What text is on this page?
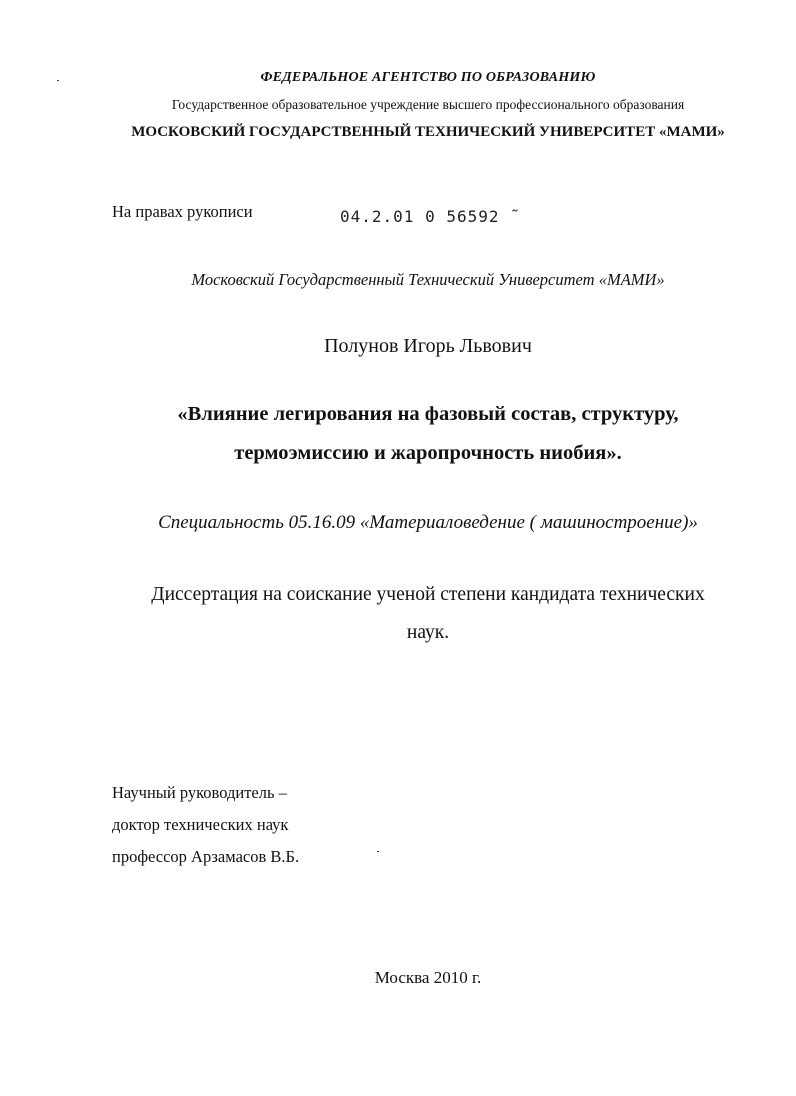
ФЕДЕРАЛЬНОЕ АГЕНТСТВО ПО ОБРАЗОВАНИЮ
Государственное образовательное учреждение высшего профессионального образования
МОСКОВСКИЙ ГОСУДАРСТВЕННЫЙ ТЕХНИЧЕСКИЙ УНИВЕРСИТЕТ «МАМИ»
На правах рукописи	04.2.01 0 56592 ˜
Московский Государственный Технический Университет «МАМИ»
Полунов Игорь Львович
«Влияние легирования на фазовый состав, структуру,
термоэмиссию и жаропрочность ниобия».
Специальность 05.16.09 «Материаловедение ( машиностроение)»
Диссертация на соискание ученой степени кандидата технических
наук.
Научный руководитель –
доктор технических наук
профессор Арзамасов В.Б.
Москва 2010 г.
